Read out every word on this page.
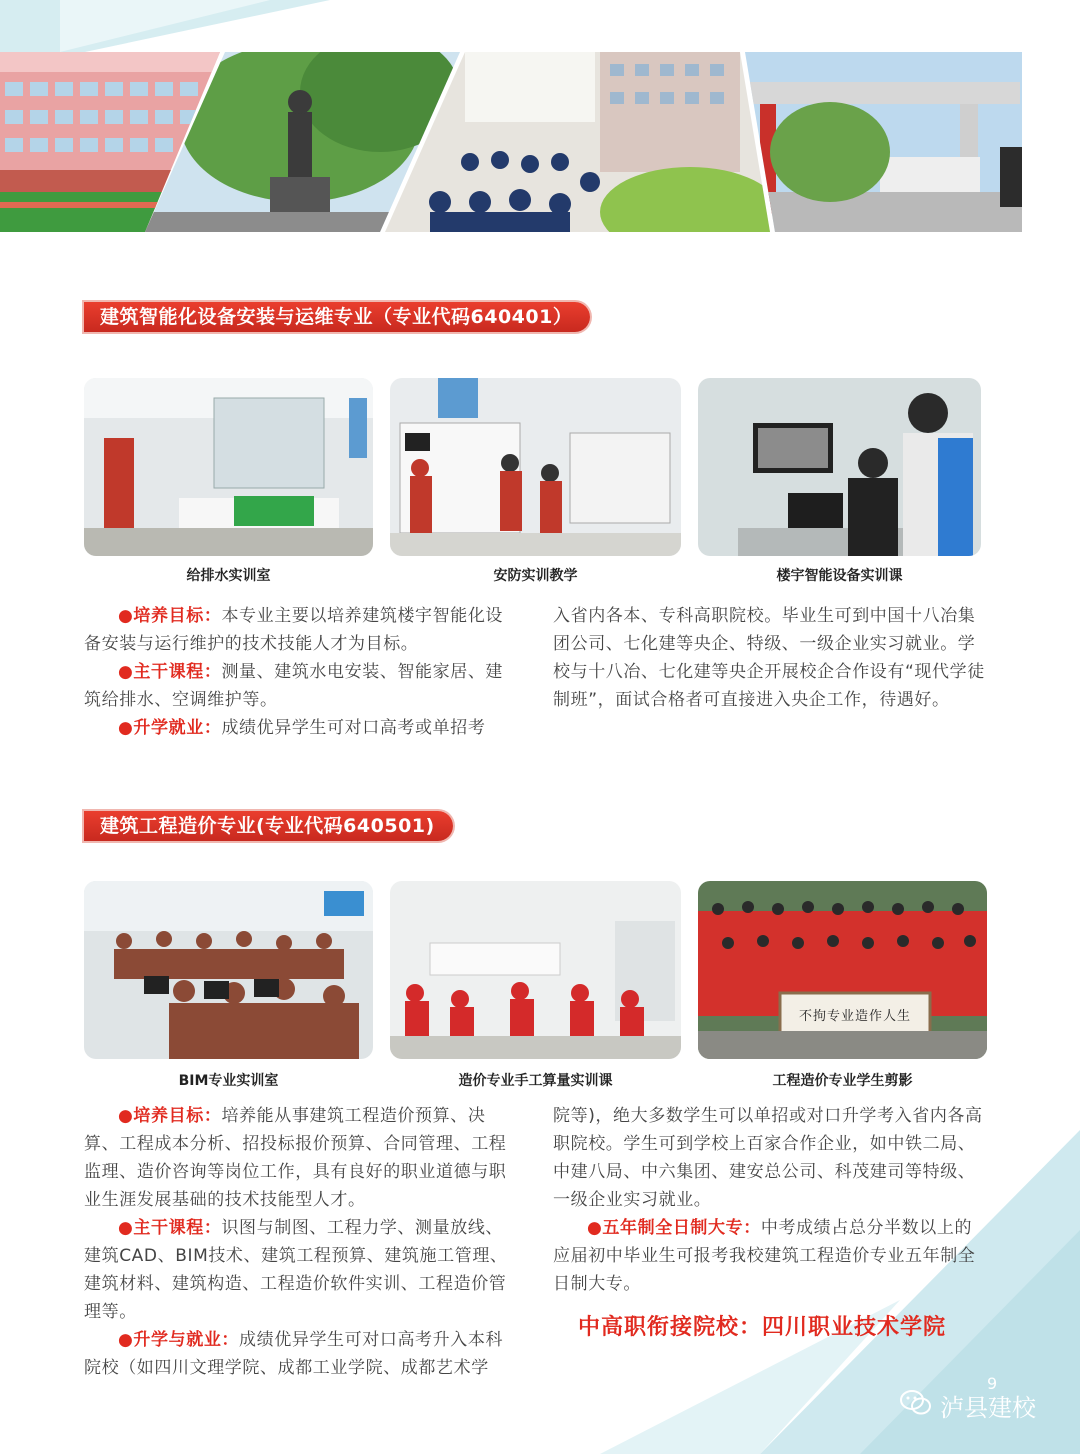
建筑智能化设备安装与运维专业（专业代码640401）
给排水实训室	安防实训教学	楼宇智能设备实训课

●培养目标：本专业主要以培养建筑楼宇智能化设备安装与运行维护的技术技能人才为目标。

●主干课程：测量、建筑水电安装、智能家居、建筑给排水、空调维护等。

●升学就业：成绩优异学生可对口高考或单招考

入省内各本、专科高职院校。毕业生可到中国十八冶集团公司、七化建等央企、特级、一级企业实习就业。学校与十八冶、七化建等央企开展校企合作设有“现代学徒制班”，面试合格者可直接进入央企工作，待遇好。

建筑工程造价专业(专业代码640501)
不拘专业造作人生
BIM专业实训室	造价专业手工算量实训课	工程造价专业学生剪影

●培养目标：培养能从事建筑工程造价预算、决算、工程成本分析、招投标报价预算、合同管理、工程监理、造价咨询等岗位工作，具有良好的职业道德与职业生涯发展基础的技术技能型人才。

●主干课程：识图与制图、工程力学、测量放线、建筑CAD、BIM技术、建筑工程预算、建筑施工管理、建筑材料、建筑构造、工程造价软件实训、工程造价管理等。

●升学与就业：成绩优异学生可对口高考升入本科院校（如四川文理学院、成都工业学院、成都艺术学

院等)，绝大多数学生可以单招或对口升学考入省内各高职院校。学生可到学校上百家合作企业，如中铁二局、中建八局、中六集团、建安总公司、科茂建司等特级、一级企业实习就业。

●五年制全日制大专：中考成绩占总分半数以上的应届初中毕业生可报考我校建筑工程造价专业五年制全日制大专。

中高职衔接院校：四川职业技术学院
9
泸县建校
